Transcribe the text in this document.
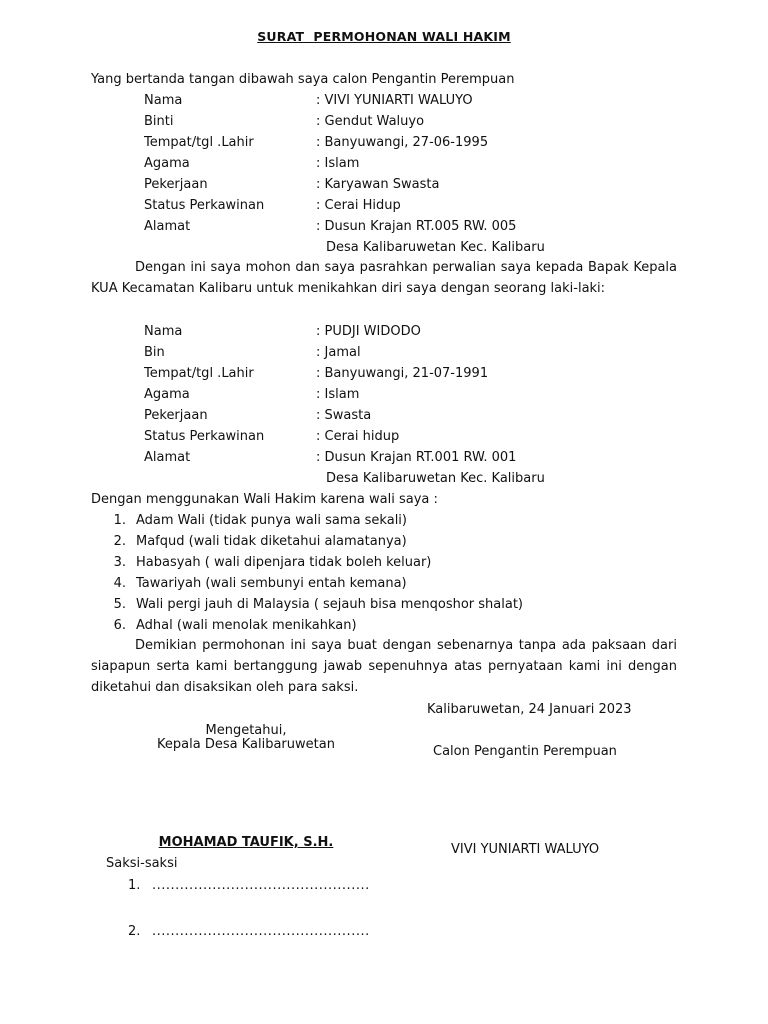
SURAT  PERMOHONAN WALI HAKIM
Yang bertanda tangan dibawah saya calon Pengantin Perempuan
Nama	: VIVI YUNIARTI WALUYO
Binti	: Gendut Waluyo
Tempat/tgl .Lahir	: Banyuwangi, 27-06-1995
Agama	: Islam
Pekerjaan	: Karyawan Swasta
Status Perkawinan	: Cerai Hidup
Alamat	: Dusun Krajan RT.005 RW. 005
Desa Kalibaruwetan Kec. Kalibaru
Dengan ini saya mohon dan saya pasrahkan perwalian saya kepada Bapak Kepala KUA Kecamatan Kalibaru untuk menikahkan diri saya dengan seorang laki-laki:
Nama	: PUDJI WIDODO
Bin	: Jamal
Tempat/tgl .Lahir	: Banyuwangi, 21-07-1991
Agama	: Islam
Pekerjaan	: Swasta
Status Perkawinan	: Cerai hidup
Alamat	: Dusun Krajan RT.001 RW. 001
Desa Kalibaruwetan Kec. Kalibaru
Dengan menggunakan Wali Hakim karena wali saya :
1. Adam Wali (tidak punya wali sama sekali)
2. Mafqud (wali tidak diketahui alamatanya)
3. Habasyah ( wali dipenjara tidak boleh keluar)
4. Tawariyah (wali sembunyi entah kemana)
5. Wali pergi jauh di Malaysia ( sejauh bisa menqoshor shalat)
6. Adhal (wali menolak menikahkan)
Demikian permohonan ini saya buat dengan sebenarnya tanpa ada paksaan dari siapapun serta kami bertanggung jawab sepenuhnya atas pernyataan kami ini dengan diketahui dan disaksikan oleh para saksi.
Kalibaruwetan, 24 Januari 2023
Mengetahui,
Kepala Desa Kalibaruwetan
MOHAMAD TAUFIK, S.H.
Calon Pengantin Perempuan
VIVI YUNIARTI WALUYO
Saksi-saksi
1. ...............................................
2. ...............................................
